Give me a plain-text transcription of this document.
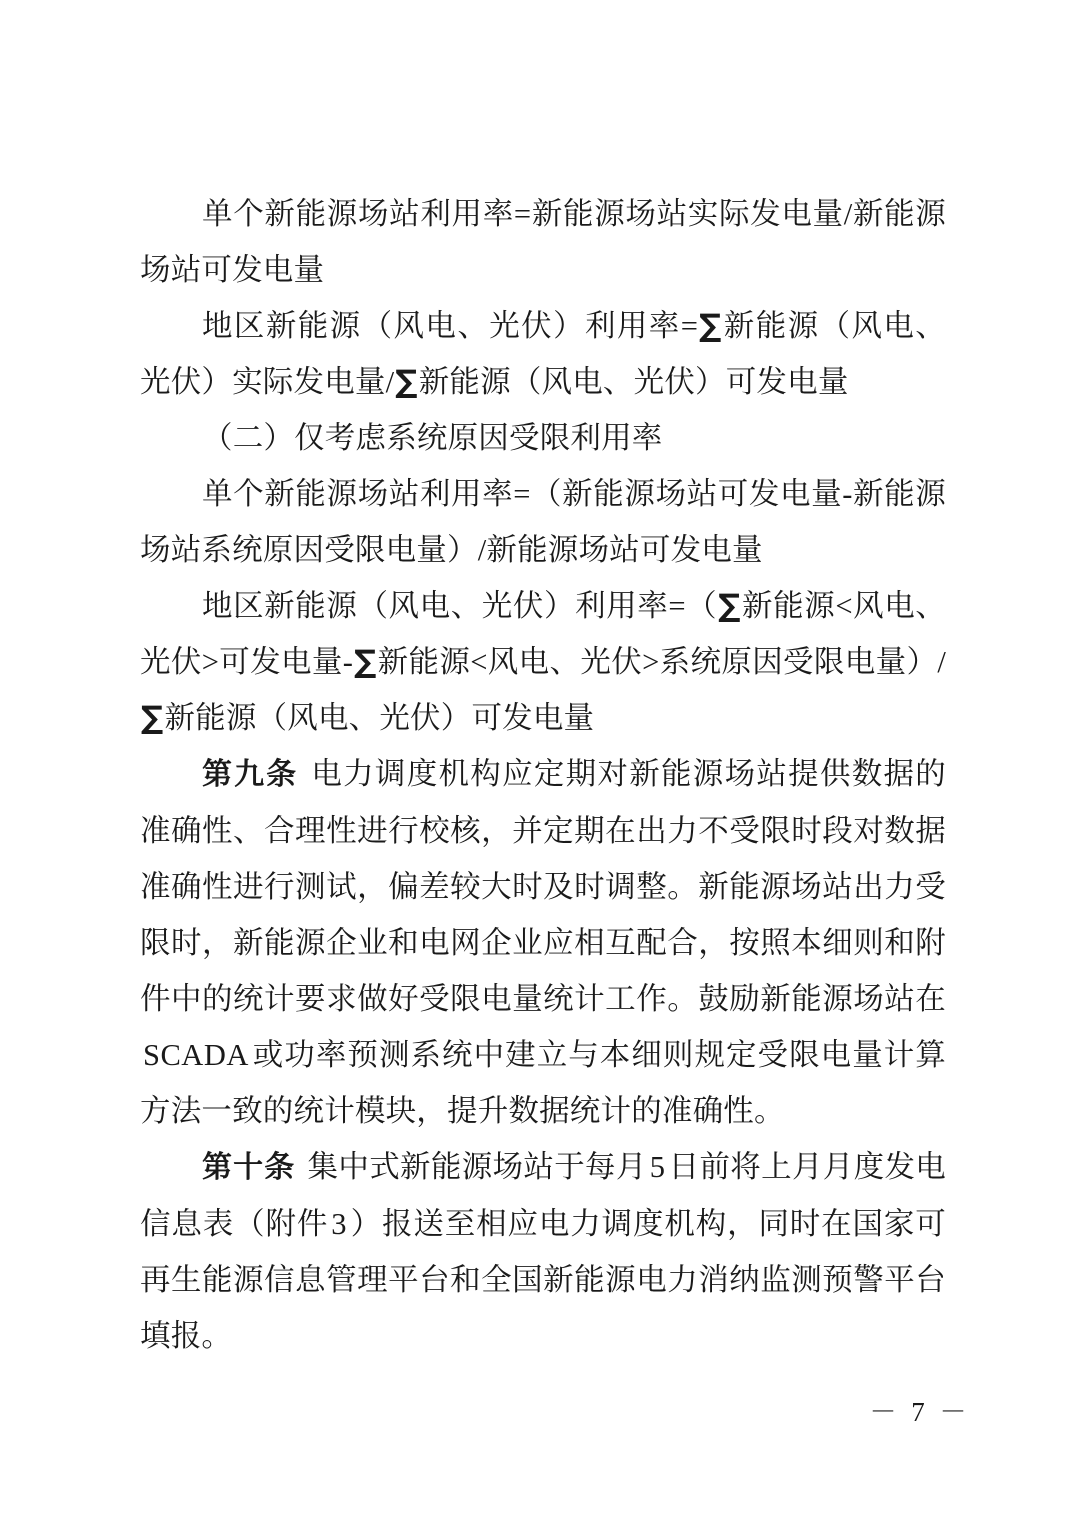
单个新能源场站利用率=新能源场站实际发电量/新能源场站可发电量

地区新能源（风电、光伏）利用率=∑新能源（风电、光伏）实际发电量/∑新能源（风电、光伏）可发电量

（二）仅考虑系统原因受限利用率

单个新能源场站利用率=（新能源场站可发电量-新能源场站系统原因受限电量）/新能源场站可发电量

地区新能源（风电、光伏）利用率=（∑新能源<风电、光伏>可发电量-∑新能源<风电、光伏>系统原因受限电量）/∑新能源（风电、光伏）可发电量

第九条 电力调度机构应定期对新能源场站提供数据的准确性、合理性进行校核，并定期在出力不受限时段对数据准确性进行测试，偏差较大时及时调整。新能源场站出力受限时，新能源企业和电网企业应相互配合，按照本细则和附件中的统计要求做好受限电量统计工作。鼓励新能源场站在SCADA或功率预测系统中建立与本细则规定受限电量计算方法一致的统计模块，提升数据统计的准确性。

第十条 集中式新能源场站于每月5日前将上月月度发电信息表（附件3）报送至相应电力调度机构，同时在国家可再生能源信息管理平台和全国新能源电力消纳监测预警平台填报。

－ 7 －
